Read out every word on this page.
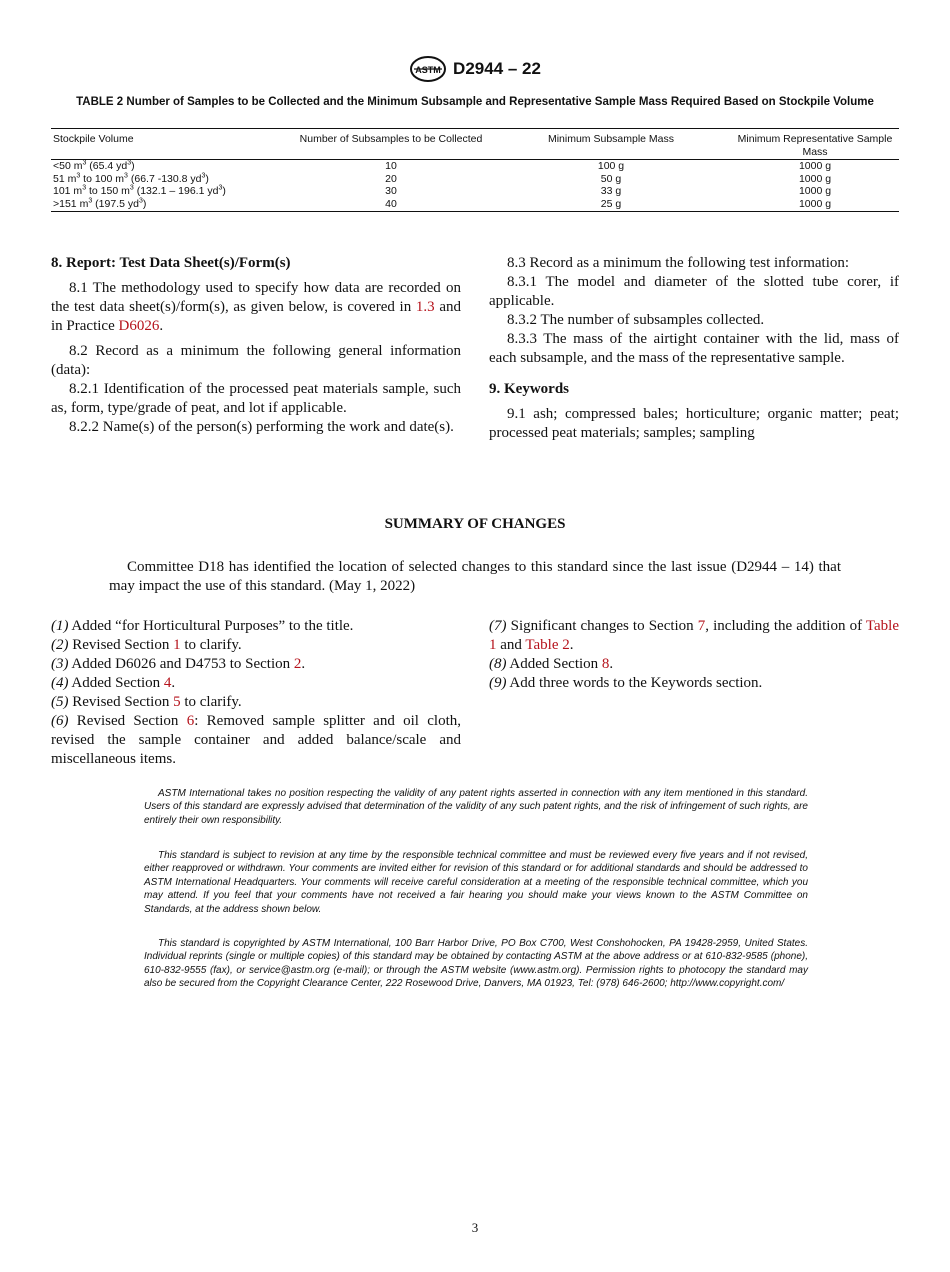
ASTM D2944 – 22
TABLE 2 Number of Samples to be Collected and the Minimum Subsample and Representative Sample Mass Required Based on Stockpile Volume
Stockpile Volume	Number of Subsamples to be Collected	Minimum Subsample Mass	Minimum Representative Sample Mass
<50 $m^3$ (65.4 $yd^3$)	10	100 g	1000 g
51 $m^3$ to 100 $m^3$ (66.7 -130.8 $yd^3$)	20	50 g	1000 g
101 $m^3$ to 150 $m^3$ (132.1 – 196.1 $yd^3$)	30	33 g	1000 g
>151 $m^3$ (197.5 $yd^3$)	40	25 g	1000 g
8. Report: Test Data Sheet(s)/Form(s)

8.1 The methodology used to specify how data are recorded on the test data sheet(s)/form(s), as given below, is covered in 1.3 and in Practice D6026.

8.2 Record as a minimum the following general information (data):

8.2.1 Identification of the processed peat materials sample, such as, form, type/grade of peat, and lot if applicable.

8.2.2 Name(s) of the person(s) performing the work and date(s).

8.3 Record as a minimum the following test information:

8.3.1 The model and diameter of the slotted tube corer, if applicable.

8.3.2 The number of subsamples collected.

8.3.3 The mass of the airtight container with the lid, mass of each subsample, and the mass of the representative sample.

9. Keywords

9.1 ash; compressed bales; horticulture; organic matter; peat; processed peat materials; samples; sampling

SUMMARY OF CHANGES
Committee D18 has identified the location of selected changes to this standard since the last issue (D2944 – 14) that may impact the use of this standard. (May 1, 2022)
(1) Added “for Horticultural Purposes” to the title.
(2) Revised Section 1 to clarify.
(3) Added D6026 and D4753 to Section 2.
(4) Added Section 4.
(5) Revised Section 5 to clarify.
(6) Revised Section 6: Removed sample splitter and oil cloth, revised the sample container and added balance/scale and miscellaneous items.
(7) Significant changes to Section 7, including the addition of Table 1 and Table 2.
(8) Added Section 8.
(9) Add three words to the Keywords section.

ASTM International takes no position respecting the validity of any patent rights asserted in connection with any item mentioned in this standard. Users of this standard are expressly advised that determination of the validity of any such patent rights, and the risk of infringement of such rights, are entirely their own responsibility.

This standard is subject to revision at any time by the responsible technical committee and must be reviewed every five years and if not revised, either reapproved or withdrawn. Your comments are invited either for revision of this standard or for additional standards and should be addressed to ASTM International Headquarters. Your comments will receive careful consideration at a meeting of the responsible technical committee, which you may attend. If you feel that your comments have not received a fair hearing you should make your views known to the ASTM Committee on Standards, at the address shown below.

This standard is copyrighted by ASTM International, 100 Barr Harbor Drive, PO Box C700, West Conshohocken, PA 19428-2959, United States. Individual reprints (single or multiple copies) of this standard may be obtained by contacting ASTM at the above address or at 610-832-9585 (phone), 610-832-9555 (fax), or service@astm.org (e-mail); or through the ASTM website (www.astm.org). Permission rights to photocopy the standard may also be secured from the Copyright Clearance Center, 222 Rosewood Drive, Danvers, MA 01923, Tel: (978) 646-2600; http://www.copyright.com/

3
